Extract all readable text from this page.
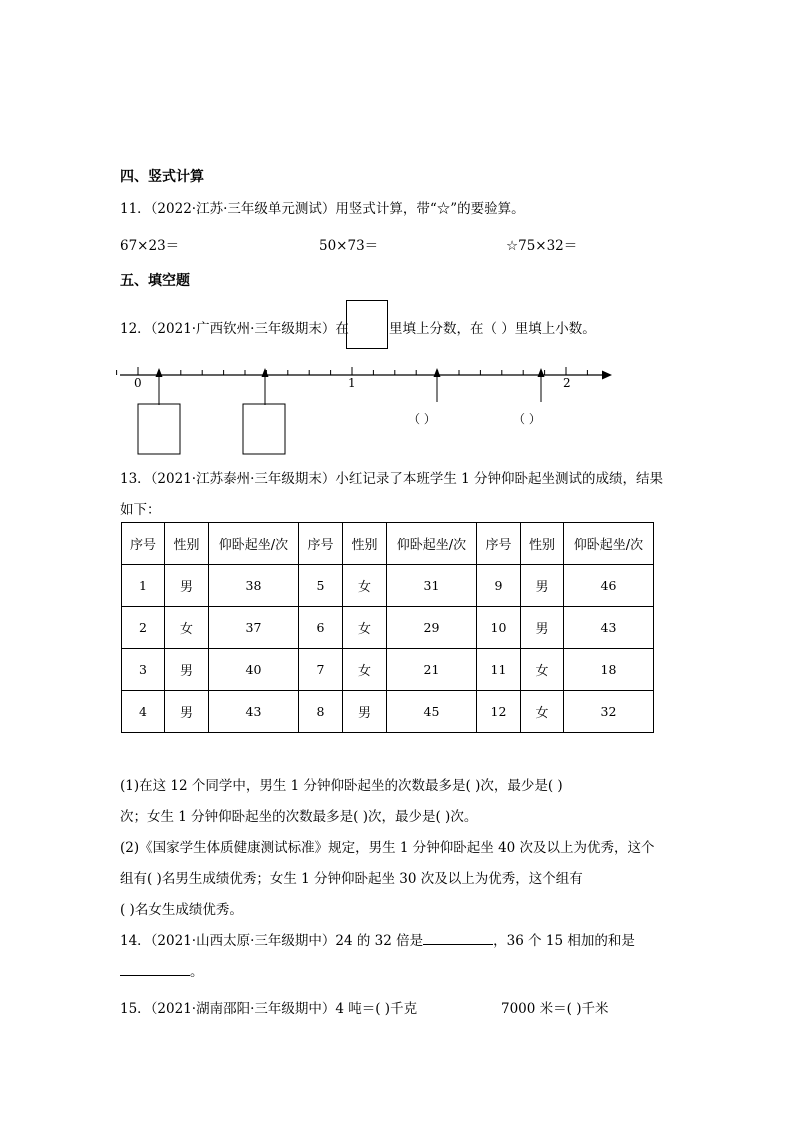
四、竖式计算
11．（2022·江苏·三年级单元测试）用竖式计算，带“☆”的要验算。
67×23＝	50×73＝	☆75×32＝
五、填空题
12．（2021·广西钦州·三年级期末）在	里填上分数，在（ ）里填上小数。
0	1	2
（ ）	（ ）
13．（2021·江苏泰州·三年级期末）小红记录了本班学生 1 分钟仰卧起坐测试的成绩，结果
如下：
序号	性别	仰卧起坐/次	序号	性别	仰卧起坐/次	序号	性别	仰卧起坐/次
1	男	38	5	女	31	9	男	46
2	女	37	6	女	29	10	男	43
3	男	40	7	女	21	11	女	18
4	男	43	8	男	45	12	女	32
(1)在这 12 个同学中，男生 1 分钟仰卧起坐的次数最多是( )次，最少是( )
次；女生 1 分钟仰卧起坐的次数最多是( )次，最少是( )次。
(2)《国家学生体质健康测试标准》规定，男生 1 分钟仰卧起坐 40 次及以上为优秀，这个
组有( )名男生成绩优秀；女生 1 分钟仰卧起坐 30 次及以上为优秀，这个组有
( )名女生成绩优秀。
14．（2021·山西太原·三年级期中）24 的 32 倍是	，36 个 15 相加的和是
。
15．（2021·湖南邵阳·三年级期中）4 吨＝( )千克	7000 米＝( )千米
